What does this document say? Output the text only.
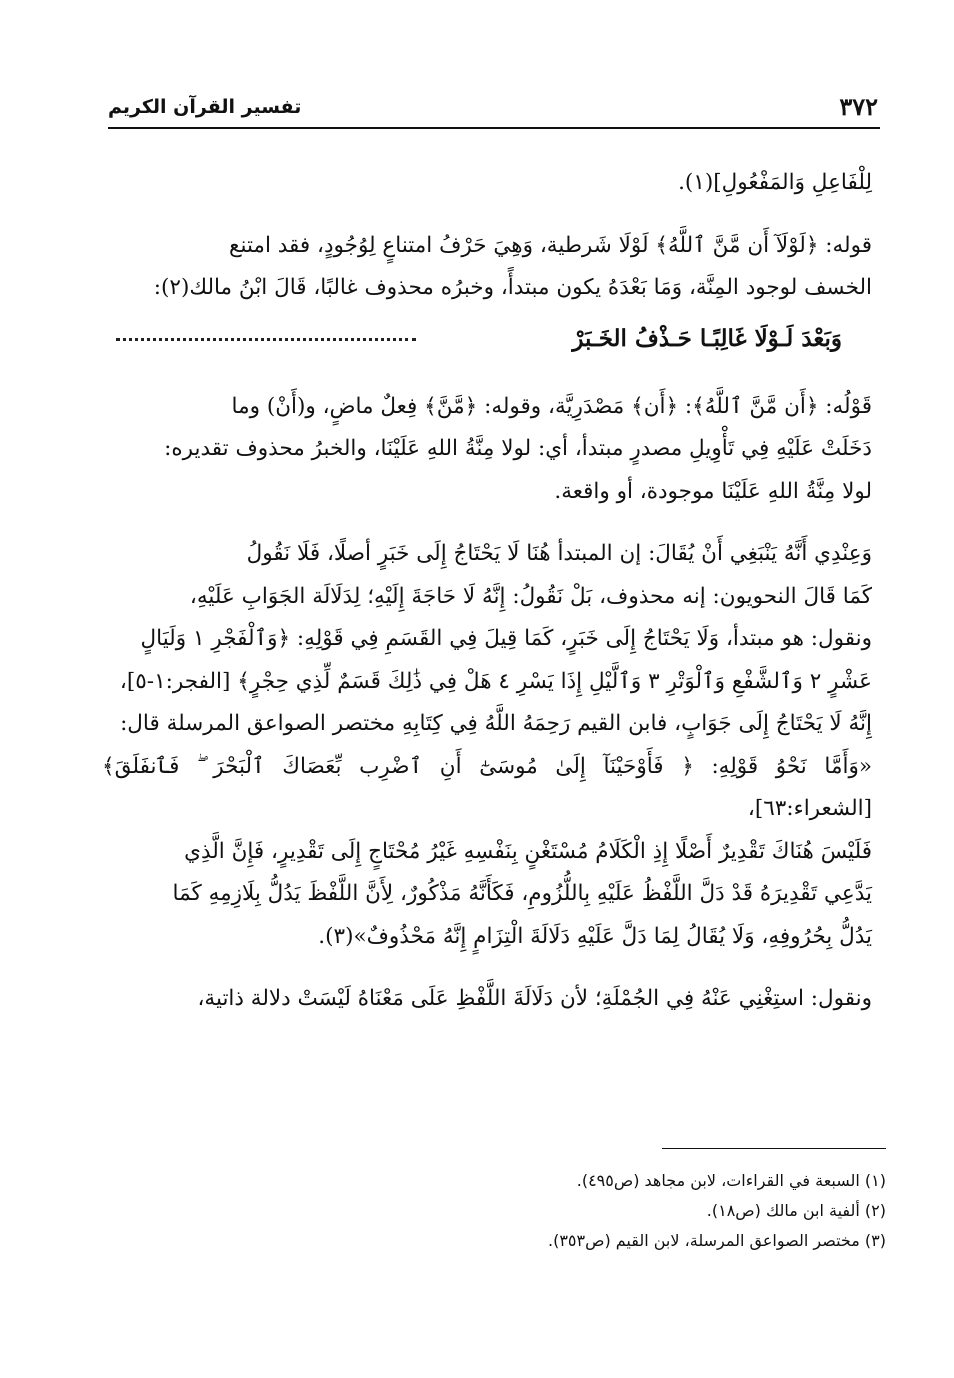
٣٧٢
تفسير القرآن الكريم

لِلْفَاعِلِ وَالمَفْعُولِ](١).

قوله: ﴿لَوْلَآ أَن مَّنَّ ٱللَّهُ﴾ لَوْلَا شَرطية، وَهِيَ حَرْفُ امتناعٍ لِوُجُودٍ، فقد امتنع

الخسف لوجود المِنَّة، وَمَا بَعْدَهُ يكون مبتدأً، وخبرُه محذوف غالبًا، قَالَ ابْنُ مالك(٢):

وَبَعْدَ لَـوْلَا غَالِبًـا حَـذْفُ الخَـبَرْ

قَوْلُه: ﴿أَن مَّنَّ ٱللَّهُ﴾: ﴿أَن﴾ مَصْدَرِيَّة، وقوله: ﴿مَّنَّ﴾ فِعلٌ ماضٍ، و(أَنْ) وما

دَخَلَتْ عَلَيْهِ فِي تَأْوِيلِ مصدرٍ مبتدأ، أي: لولا مِنَّةُ اللهِ عَلَيْنَا، والخبرُ محذوف تقديره:

لولا مِنَّةُ اللهِ عَلَيْنَا موجودة، أو واقعة.

وَعِنْدِي أَنَّهُ يَنْبَغِي أَنْ يُقَالَ: إن المبتدأ هُنَا لَا يَحْتَاجُ إِلَى خَبَرٍ أصلًا، فَلَا نَقُولُ

كَمَا قَالَ النحويون: إنه محذوف، بَلْ نَقُولُ: إِنَّهُ لَا حَاجَةَ إِلَيْهِ؛ لِدَلَالَة الجَوَابِ عَلَيْهِ،

ونقول: هو مبتدأ، وَلَا يَحْتَاجُ إِلَى خَبَرٍ، كَمَا قِيلَ فِي القَسَمِ فِي قَوْلِهِ: ﴿وَٱلْفَجْرِ ١ وَلَيَالٍ

عَشْرٍ ٢ وَٱلشَّفْعِ وَٱلْوَتْرِ ٣ وَٱلَّيْلِ إِذَا يَسْرِ ٤ هَلْ فِي ذَٰلِكَ قَسَمٌ لِّذِي حِجْرٍ﴾ [الفجر:١-٥]،

إِنَّهُ لَا يَحْتَاجُ إِلَى جَوَابٍ، فابن القيم رَحِمَهُ اللَّهُ فِي كِتَابِهِ مختصر الصواعق المرسلة قال:

«وَأَمَّا نَحْوُ قَوْلِهِ: ﴿ فَأَوْحَيْنَآ إِلَىٰ مُوسَىٰٓ أَنِ ٱضْرِب بِّعَصَاكَ ٱلْبَحْرَ ۖ فَٱنفَلَقَ﴾ [الشعراء:٦٣]،

فَلَيْسَ هُنَاكَ تَقْدِيرٌ أَصْلًا إِذِ الْكَلَامُ مُسْتَغْنٍ بِنَفْسِهِ غَيْرُ مُحْتَاجٍ إِلَى تَقْدِيرٍ، فَإِنَّ الَّذِي

يَدَّعِي تَقْدِيرَهُ قَدْ دَلَّ اللَّفْظُ عَلَيْهِ بِاللُّزُومِ، فَكَأَنَّهُ مَذْكُورٌ، لِأَنَّ اللَّفْظَ يَدُلُّ بِلَازِمِهِ كَمَا

يَدُلُّ بِحُرُوفِهِ، وَلَا يُقَالُ لِمَا دَلَّ عَلَيْهِ دَلَالَةَ الْتِزَامٍ إِنَّهُ مَحْذُوفٌ»(٣).

ونقول: استِغْنِي عَنْهُ فِي الجُمْلَةِ؛ لأن دَلَالَةَ اللَّفْظِ عَلَى مَعْنَاهُ لَيْسَتْ دلالة ذاتية،

(١) السبعة في القراءات، لابن مجاهد (ص٤٩٥).
(٢) ألفية ابن مالك (ص١٨).
(٣) مختصر الصواعق المرسلة، لابن القيم (ص٣٥٣).
